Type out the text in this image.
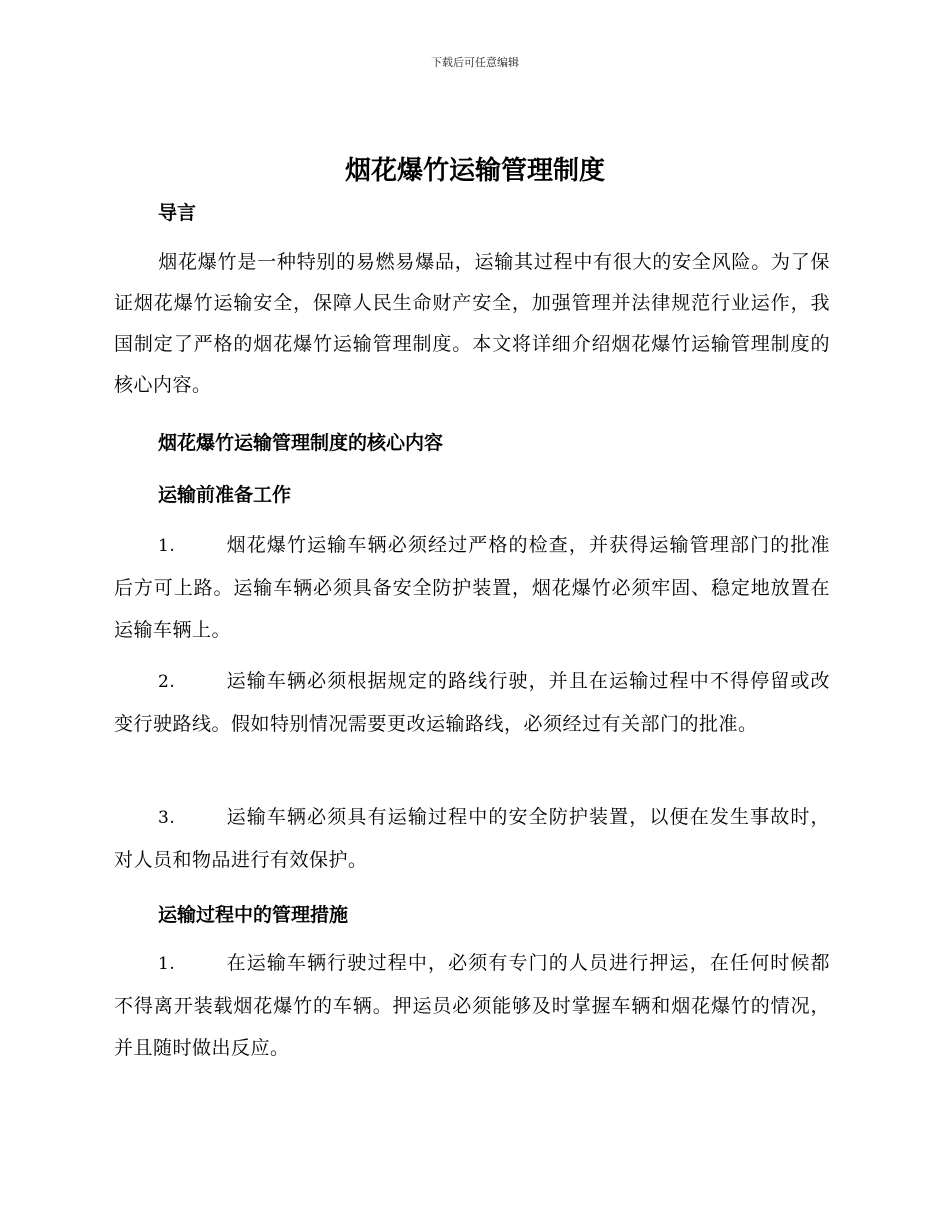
下载后可任意编辑
烟花爆竹运输管理制度
导言

烟花爆竹是一种特别的易燃易爆品，运输其过程中有很大的安全风险。为了保证烟花爆竹运输安全，保障人民生命财产安全，加强管理并法律规范行业运作，我国制定了严格的烟花爆竹运输管理制度。本文将详细介绍烟花爆竹运输管理制度的核心内容。

烟花爆竹运输管理制度的核心内容
运输前准备工作

1.	烟花爆竹运输车辆必须经过严格的检查，并获得运输管理部门的批准后方可上路。运输车辆必须具备安全防护装置，烟花爆竹必须牢固、稳定地放置在运输车辆上。

2.	运输车辆必须根据规定的路线行驶，并且在运输过程中不得停留或改变行驶路线。假如特别情况需要更改运输路线，必须经过有关部门的批准。

3.	运输车辆必须具有运输过程中的安全防护装置，以便在发生事故时，对人员和物品进行有效保护。

运输过程中的管理措施

1.	在运输车辆行驶过程中，必须有专门的人员进行押运，在任何时候都不得离开装载烟花爆竹的车辆。押运员必须能够及时掌握车辆和烟花爆竹的情况，并且随时做出反应。
